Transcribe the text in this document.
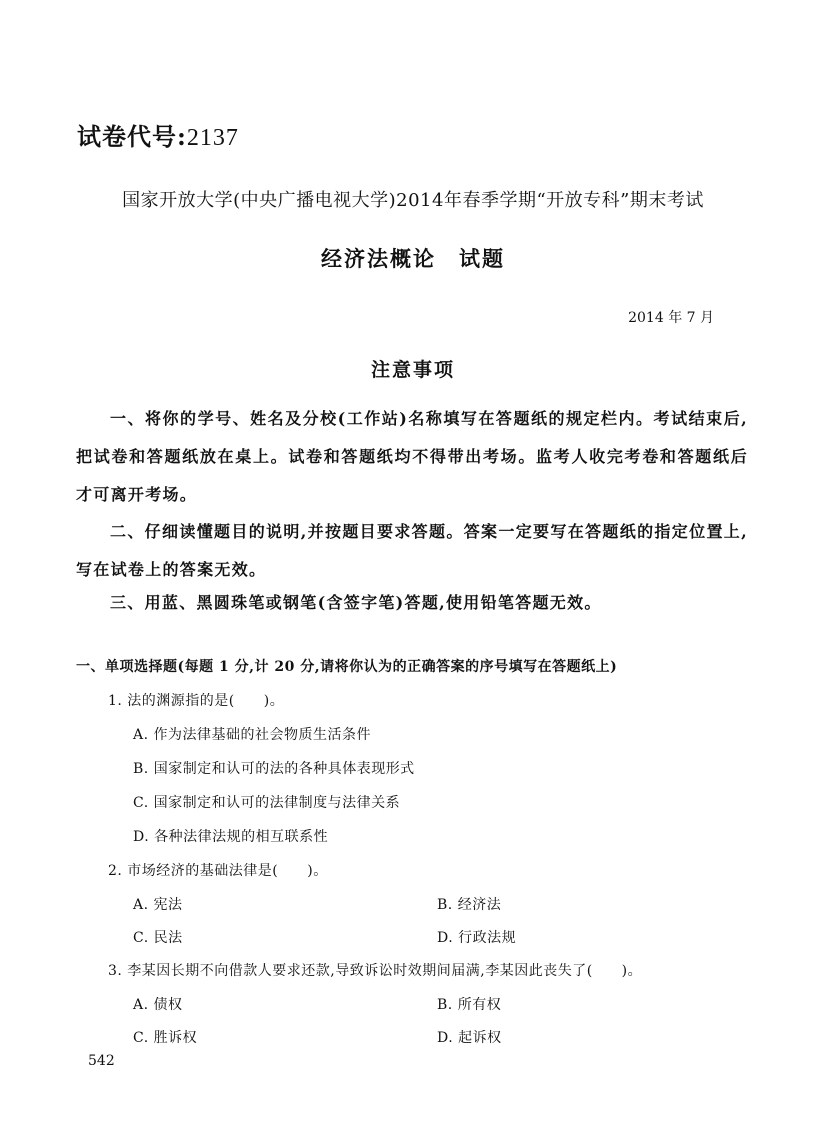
试卷代号:2137
国家开放大学(中央广播电视大学)2014年春季学期“开放专科”期末考试
经济法概论　试题
2014 年 7 月
注意事项
一、将你的学号、姓名及分校(工作站)名称填写在答题纸的规定栏内。考试结束后,把试卷和答题纸放在桌上。试卷和答题纸均不得带出考场。监考人收完考卷和答题纸后才可离开考场。
二、仔细读懂题目的说明,并按题目要求答题。答案一定要写在答题纸的指定位置上,写在试卷上的答案无效。
三、用蓝、黑圆珠笔或钢笔(含签字笔)答题,使用铅笔答题无效。
一、单项选择题(每题 1 分,计 20 分,请将你认为的正确答案的序号填写在答题纸上)
1. 法的渊源指的是(　　)。
A. 作为法律基础的社会物质生活条件
B. 国家制定和认可的法的各种具体表现形式
C. 国家制定和认可的法律制度与法律关系
D. 各种法律法规的相互联系性
2. 市场经济的基础法律是(　　)。
A. 宪法	B. 经济法
C. 民法	D. 行政法规
3. 李某因长期不向借款人要求还款,导致诉讼时效期间届满,李某因此丧失了(　　)。
A. 债权	B. 所有权
C. 胜诉权	D. 起诉权
542
